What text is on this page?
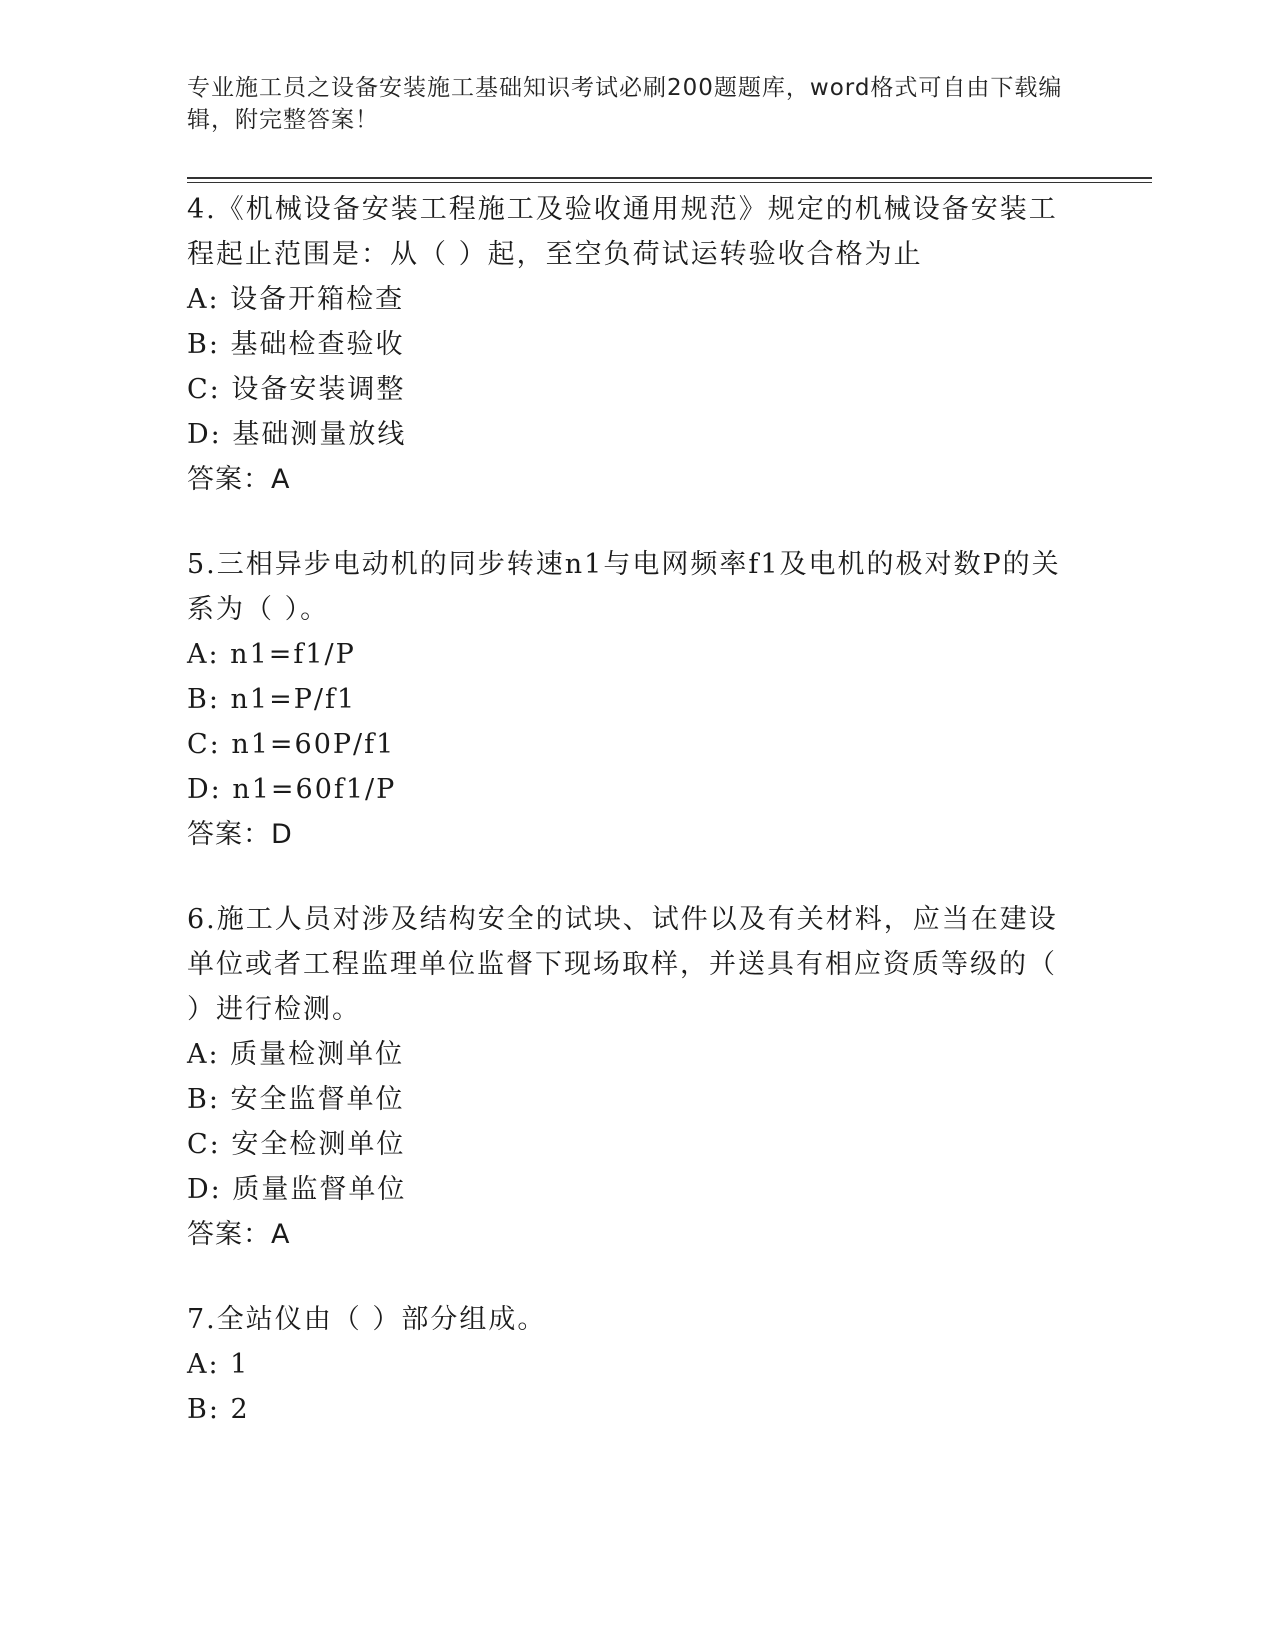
专业施工员之设备安装施工基础知识考试必刷200题题库，word格式可自由下载编辑，附完整答案！

4.《机械设备安装工程施工及验收通用规范》规定的机械设备安装工程起止范围是：从（ ）起，至空负荷试运转验收合格为止

A: 设备开箱检查
B: 基础检查验收
C: 设备安装调整
D: 基础测量放线
答案：A

5.三相异步电动机的同步转速n1与电网频率f1及电机的极对数P的关系为（ ）。

A: n1=f1/P
B: n1=P/f1
C: n1=60P/f1
D: n1=60f1/P
答案：D

6.施工人员对涉及结构安全的试块、试件以及有关材料，应当在建设单位或者工程监理单位监督下现场取样，并送具有相应资质等级的（ ）进行检测。

A: 质量检测单位
B: 安全监督单位
C: 安全检测单位
D: 质量监督单位
答案：A

7.全站仪由（ ）部分组成。

A: 1
B: 2
